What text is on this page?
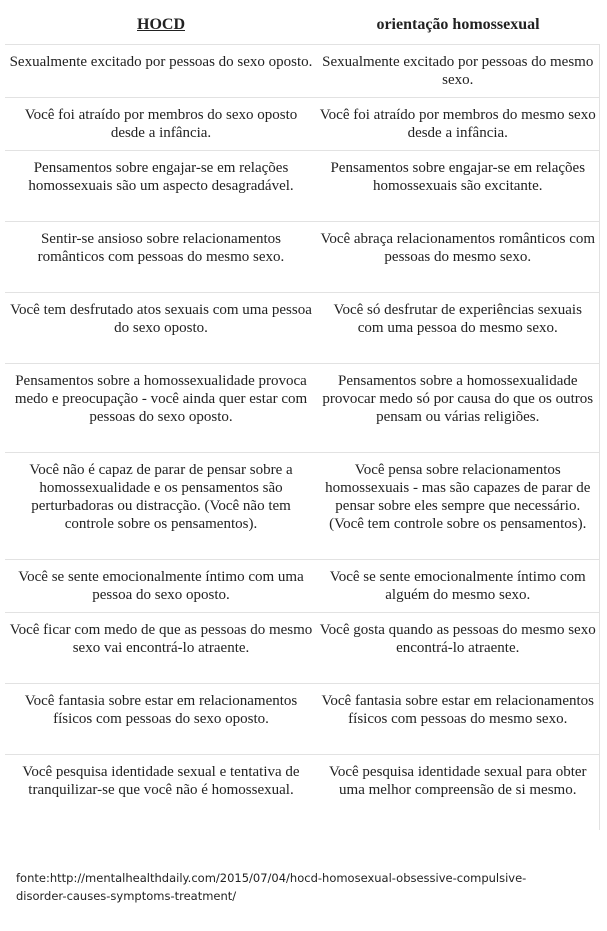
HOCD	orientação homossexual
Sexualmente excitado por pessoas do sexo oposto.	Sexualmente excitado por pessoas do mesmo sexo.
Você foi atraído por membros do sexo oposto desde a infância.	Você foi atraído por membros do mesmo sexo desde a infância.
Pensamentos sobre engajar-se em relações homossexuais são um aspecto desagradável.	Pensamentos sobre engajar-se em relações homossexuais são excitante.
Sentir-se ansioso sobre relacionamentos românticos com pessoas do mesmo sexo.	Você abraça relacionamentos românticos com pessoas do mesmo sexo.
Você tem desfrutado atos sexuais com uma pessoa do sexo oposto.	Você só desfrutar de experiências sexuais com uma pessoa do mesmo sexo.
Pensamentos sobre a homossexualidade provoca medo e preocupação - você ainda quer estar com pessoas do sexo oposto.	Pensamentos sobre a homossexualidade provocar medo só por causa do que os outros pensam ou várias religiões.
Você não é capaz de parar de pensar sobre a homossexualidade e os pensamentos são perturbadoras ou distracção. (Você não tem controle sobre os pensamentos).	Você pensa sobre relacionamentos homossexuais - mas são capazes de parar de pensar sobre eles sempre que necessário. (Você tem controle sobre os pensamentos).
Você se sente emocionalmente íntimo com uma pessoa do sexo oposto.	Você se sente emocionalmente íntimo com alguém do mesmo sexo.
Você ficar com medo de que as pessoas do mesmo sexo vai encontrá-lo atraente.	Você gosta quando as pessoas do mesmo sexo encontrá-lo atraente.
Você fantasia sobre estar em relacionamentos físicos com pessoas do sexo oposto.	Você fantasia sobre estar em relacionamentos físicos com pessoas do mesmo sexo.
Você pesquisa identidade sexual e tentativa de tranquilizar-se que você não é homossexual.	Você pesquisa identidade sexual para obter uma melhor compreensão de si mesmo.
fonte:http://mentalhealthdaily.com/2015/07/04/hocd-homosexual-obsessive-compulsive-disorder-causes-symptoms-treatment/
